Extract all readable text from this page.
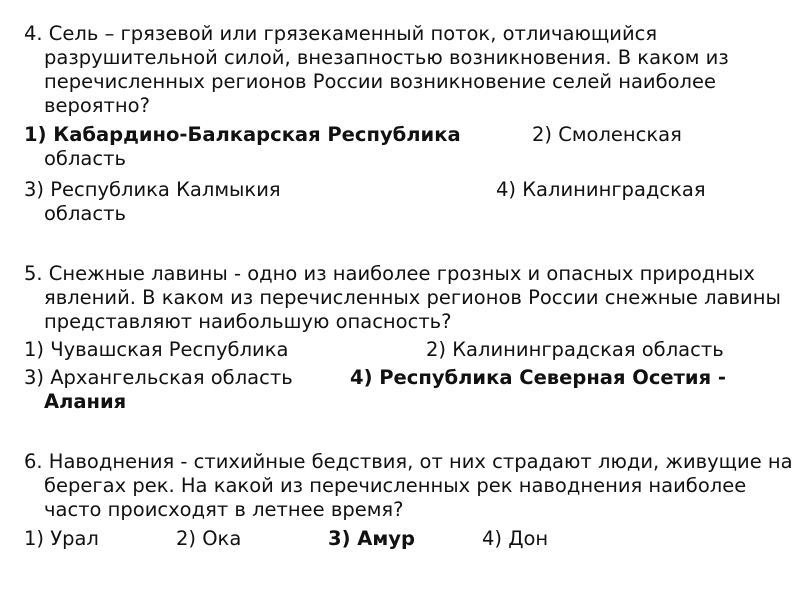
4. Сель – грязевой или грязекаменный поток, отличающийся разрушительной силой, внезапностью возникновения. В каком из перечисленных регионов России возникновение селей наиболее вероятно?

1) Кабардино-Балкарская Республика	2) Смоленская
область
3) Республика Калмыкия	4) Калининградская
область

5. Снежные лавины - одно из наиболее грозных и опасных природных явлений. В каком из перечисленных регионов России снежные лавины представляют наибольшую опасность?

1) Чувашская Республика	2) Калининградская область
3) Архангельская область	4) Республика Северная Осетия -
Алания

6. Наводнения - стихийные бедствия, от них страдают люди, живущие на берегах рек. На какой из перечисленных рек наводнения наиболее часто происходят в летнее время?

1) Урал	2) Ока	3) Амур	4) Дон
